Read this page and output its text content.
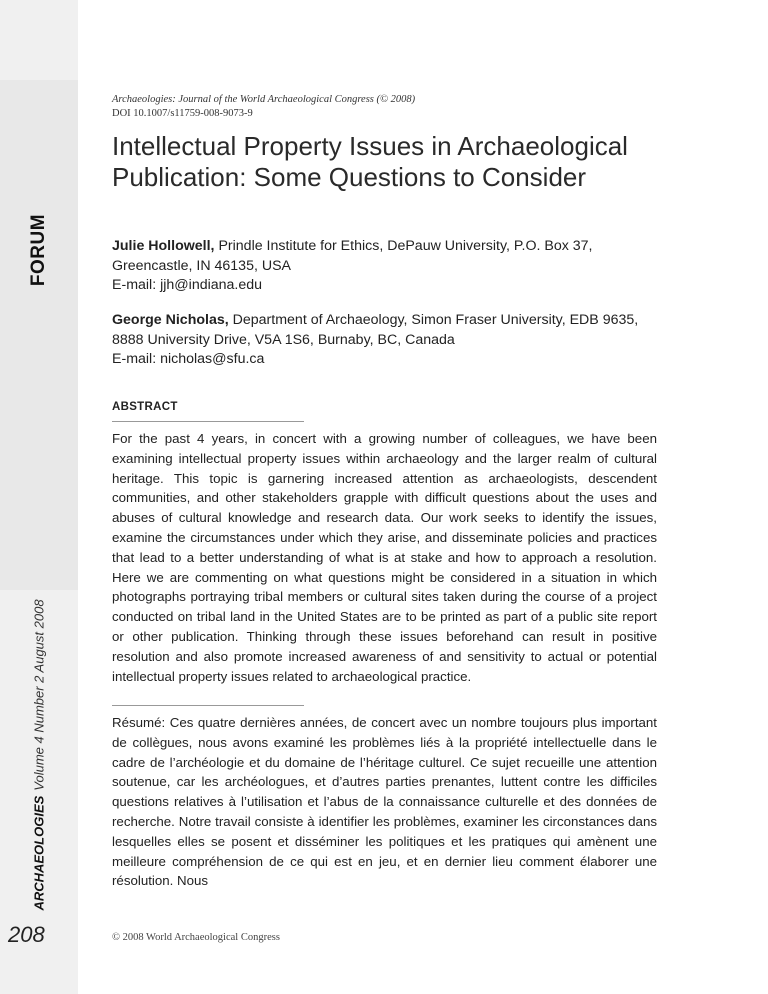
FORUM
ARCHAEOLOGIESVolume 4 Number 2 August 2008
208
Archaeologies: Journal of the World Archaeological Congress (© 2008)
DOI 10.1007/s11759-008-9073-9
Intellectual Property Issues in Archaeological Publication: Some Questions to Consider
Julie Hollowell, Prindle Institute for Ethics, DePauw University, P.O. Box 37, Greencastle, IN 46135, USA
E-mail: jjh@indiana.edu
George Nicholas, Department of Archaeology, Simon Fraser University, EDB 9635, 8888 University Drive, V5A 1S6, Burnaby, BC, Canada
E-mail: nicholas@sfu.ca
ABSTRACT

For the past 4 years, in concert with a growing number of colleagues, we have been examining intellectual property issues within archaeology and the larger realm of cultural heritage. This topic is garnering increased attention as archaeologists, descendent communities, and other stakeholders grapple with difficult questions about the uses and abuses of cultural knowledge and research data. Our work seeks to identify the issues, examine the circumstances under which they arise, and disseminate policies and practices that lead to a better understanding of what is at stake and how to approach a resolution. Here we are commenting on what questions might be considered in a situation in which photographs portraying tribal members or cultural sites taken during the course of a project conducted on tribal land in the United States are to be printed as part of a public site report or other publication. Thinking through these issues beforehand can result in positive resolution and also promote increased awareness of and sensitivity to actual or potential intellectual property issues related to archaeological practice.

Résumé: Ces quatre dernières années, de concert avec un nombre toujours plus important de collègues, nous avons examiné les problèmes liés à la propriété intellectuelle dans le cadre de l’archéologie et du domaine de l’héritage culturel. Ce sujet recueille une attention soutenue, car les archéologues, et d’autres parties prenantes, luttent contre les difficiles questions relatives à l’utilisation et l’abus de la connaissance culturelle et des données de recherche. Notre travail consiste à identifier les problèmes, examiner les circonstances dans lesquelles elles se posent et disséminer les politiques et les pratiques qui amènent une meilleure compréhension de ce qui est en jeu, et en dernier lieu comment élaborer une résolution. Nous

© 2008 World Archaeological Congress
